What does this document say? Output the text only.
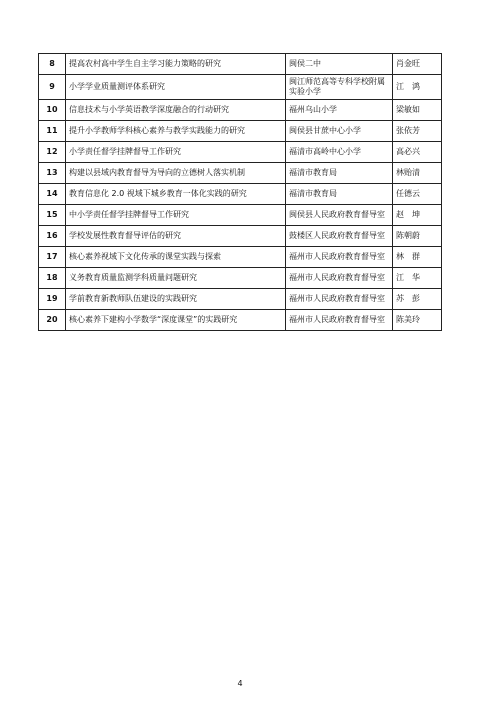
8	提高农村高中学生自主学习能力策略的研究	闽侯二中	肖金旺
9	小学学业质量测评体系研究	闽江师范高等专科学校附属实验小学	江　鸿
10	信息技术与小学英语教学深度融合的行动研究	福州乌山小学	梁敏如
11	提升小学教师学科核心素养与教学实践能力的研究	闽侯县甘蔗中心小学	张依芳
12	小学责任督学挂牌督导工作研究	福清市高岭中心小学	高必兴
13	构建以县域内教育督导为导向的立德树人落实机制	福清市教育局	林贻清
14	教育信息化 2.0 视域下城乡教育一体化实践的研究	福清市教育局	任德云
15	中小学责任督学挂牌督导工作研究	闽侯县人民政府教育督导室	赵　坤
16	学校发展性教育督导评估的研究	鼓楼区人民政府教育督导室	陈朝蔚
17	核心素养视域下文化传承的课堂实践与探索	福州市人民政府教育督导室	林　群
18	义务教育质量监测学科质量问题研究	福州市人民政府教育督导室	江　华
19	学前教育新教师队伍建设的实践研究	福州市人民政府教育督导室	苏　彭
20	核心素养下建构小学数学“深度课堂”的实践研究	福州市人民政府教育督导室	陈美玲
4
